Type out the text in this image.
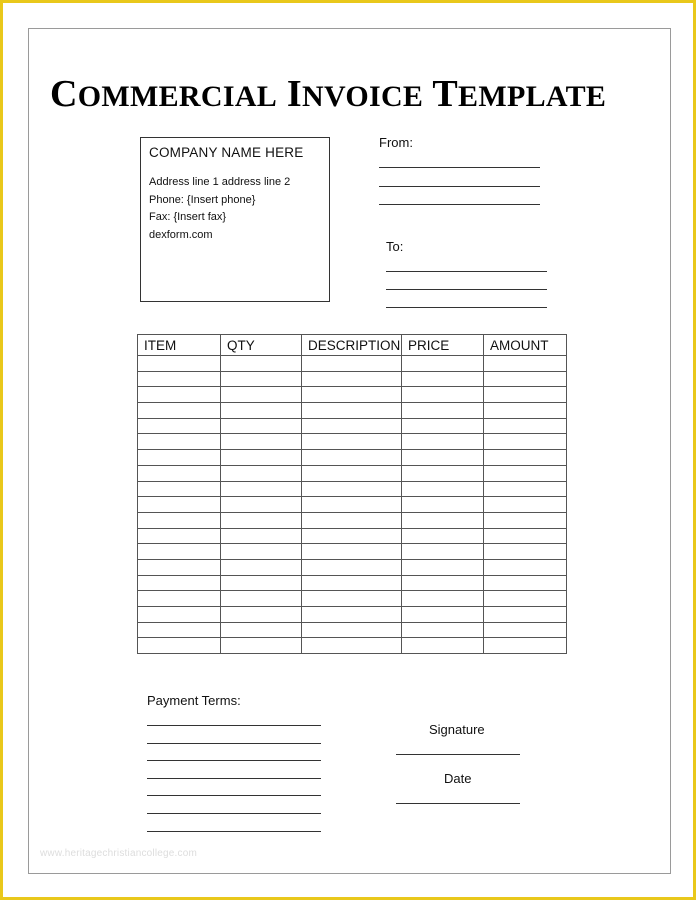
COMMERCIAL INVOICE TEMPLATE
COMPANY NAME HERE
Address line 1 address line 2
Phone: {Insert phone}
Fax: {Insert fax}
dexform.com
From:
To:
ITEM	QTY	DESCRIPTION	PRICE	AMOUNT

Payment Terms:
Signature
Date
www.heritagechristiancollege.com
